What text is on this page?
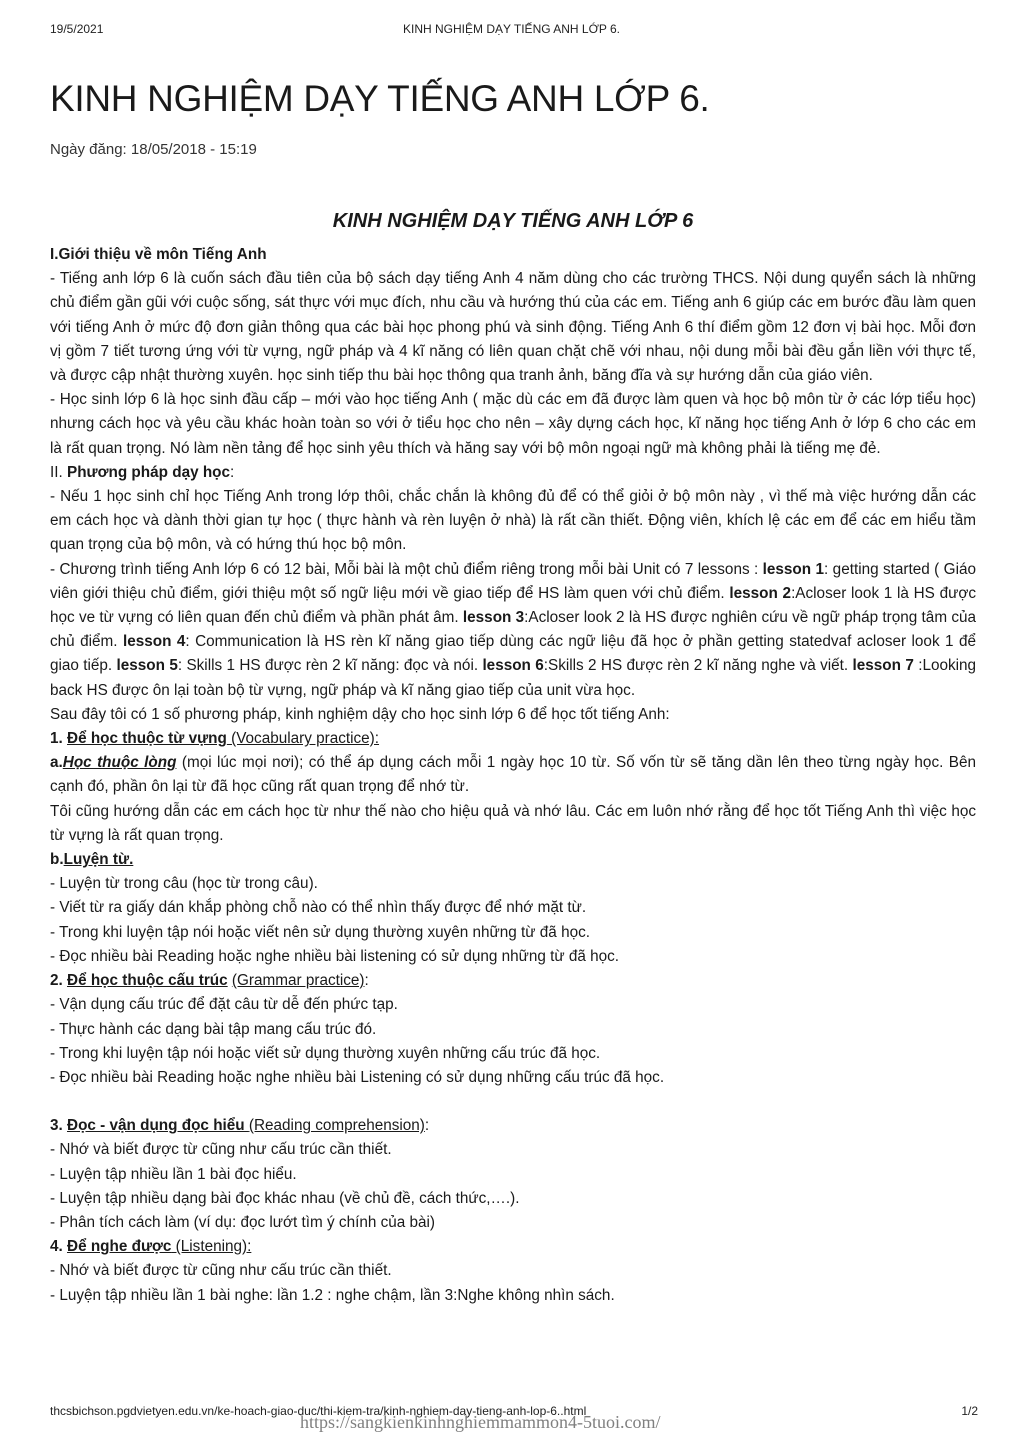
19/5/2021	KINH NGHIỆM DẠY TIẾNG ANH LỚP 6.
KINH NGHIỆM DẠY TIẾNG ANH LỚP 6.
Ngày đăng: 18/05/2018 - 15:19
KINH NGHIỆM DẠY TIẾNG ANH LỚP 6

I.Giới thiệu về môn Tiếng Anh

- Tiếng anh lớp 6 là cuốn sách đầu tiên của bộ sách dạy tiếng Anh 4 năm dùng cho các trường THCS. Nội dung quyển sách là những chủ điểm gần gũi với cuộc sống, sát thực với mục đích, nhu cầu và hướng thú của các em. Tiếng anh 6 giúp các em bước đầu làm quen với tiếng Anh ở mức độ đơn giản thông qua các bài học phong phú và sinh động. Tiếng Anh 6 thí điểm gồm 12 đơn vị bài học. Mỗi đơn vị gồm 7 tiết tương ứng với từ vựng, ngữ pháp và 4 kĩ năng có liên quan chặt chẽ với nhau, nội dung mỗi bài đều gắn liền với thực tế, và được cập nhật thường xuyên. học sinh tiếp thu bài học thông qua tranh ảnh, băng đĩa và sự hướng dẫn của giáo viên.

- Học sinh lớp 6 là học sinh đầu cấp – mới vào học tiếng Anh ( mặc dù các em đã được làm quen và học bộ môn từ ở các lớp tiểu học) nhưng cách học và yêu cầu khác hoàn toàn so với ở tiểu học cho nên – xây dựng cách học, kĩ năng học tiếng Anh ở lớp 6 cho các em là rất quan trọng. Nó làm nền tảng để học sinh yêu thích và hăng say với bộ môn ngoại ngữ mà không phải là tiếng mẹ đẻ.

II. Phương pháp dạy học:

- Nếu 1 học sinh chỉ học Tiếng Anh trong lớp thôi, chắc chắn là không đủ để có thể giỏi ở bộ môn này , vì thế mà việc hướng dẫn các em cách học và dành thời gian tự học ( thực hành và rèn luyện ở nhà) là rất cần thiết. Động viên, khích lệ các em để các em hiểu tầm quan trọng của bộ môn, và có hứng thú học bộ môn.

- Chương trình tiếng Anh lớp 6 có 12 bài, Mỗi bài là một chủ điểm riêng trong mỗi bài Unit có 7 lessons : lesson 1: getting started ( Giáo viên giới thiệu chủ điểm, giới thiệu một số ngữ liệu mới về giao tiếp để HS làm quen với chủ điểm. lesson 2:Acloser look 1 là HS được học ve từ vựng có liên quan đến chủ điểm và phần phát âm. lesson 3:Acloser look 2 là HS được nghiên cứu về ngữ pháp trọng tâm của chủ điểm. lesson 4: Communication là HS rèn kĩ năng giao tiếp dùng các ngữ liệu đã học ở phần getting statedvaf acloser look 1 để giao tiếp. lesson 5: Skills 1 HS được rèn 2 kĩ năng: đọc và nói. lesson 6:Skills 2 HS được rèn 2 kĩ năng nghe và viết. lesson 7 :Looking back HS được ôn lại toàn bộ từ vựng, ngữ pháp và kĩ năng giao tiếp của unit vừa học.

Sau đây tôi có 1 số phương pháp, kinh nghiệm dậy cho học sinh lớp 6 để học tốt tiếng Anh:

1. Để học thuộc từ vựng (Vocabulary practice):

a.Học thuộc lòng (mọi lúc mọi nơi); có thể áp dụng cách mỗi 1 ngày học 10 từ. Số vốn từ sẽ tăng dần lên theo từng ngày học. Bên cạnh đó, phần ôn lại từ đã học cũng rất quan trọng để nhớ từ.

Tôi cũng hướng dẫn các em cách học từ như thế nào cho hiệu quả và nhớ lâu. Các em luôn nhớ rằng để học tốt Tiếng Anh thì việc học từ vựng là rất quan trọng.

b.Luyện từ.

- Luyện từ trong câu (học từ trong câu).

- Viết từ ra giấy dán khắp phòng chỗ nào có thể nhìn thấy được để nhớ mặt từ.

- Trong khi luyện tập nói hoặc viết nên sử dụng thường xuyên những từ đã học.

- Đọc nhiều bài Reading hoặc nghe nhiều bài listening có sử dụng những từ đã học.

2. Để học thuộc cấu trúc (Grammar practice):

- Vận dụng cấu trúc để đặt câu từ dễ đến phức tạp.

- Thực hành các dạng bài tập mang cấu trúc đó.

- Trong khi luyện tập nói hoặc viết sử dụng thường xuyên những cấu trúc đã học.

- Đọc nhiều bài Reading hoặc nghe nhiều bài Listening có sử dụng những cấu trúc đã học.

3. Đọc - vận dụng đọc hiểu (Reading comprehension):

- Nhớ và biết được từ cũng như cấu trúc cần thiết.

- Luyện tập nhiều lần 1 bài đọc hiểu.

- Luyện tập nhiều dạng bài đọc khác nhau (về chủ đề, cách thức,….).

- Phân tích cách làm (ví dụ: đọc lướt tìm ý chính của bài)

4. Để nghe được (Listening):

- Nhớ và biết được từ cũng như cấu trúc cần thiết.

- Luyện tập nhiều lần 1 bài nghe: lần 1.2 : nghe chậm, lần 3:Nghe không nhìn sách.

thcsbichson.pgdvietyen.edu.vn/ke-hoach-giao-duc/thi-kiem-tra/kinh-nghiem-day-tieng-anh-lop-6..html	1/2
https://sangkienkinhnghiemmammon4-5tuoi.com/
